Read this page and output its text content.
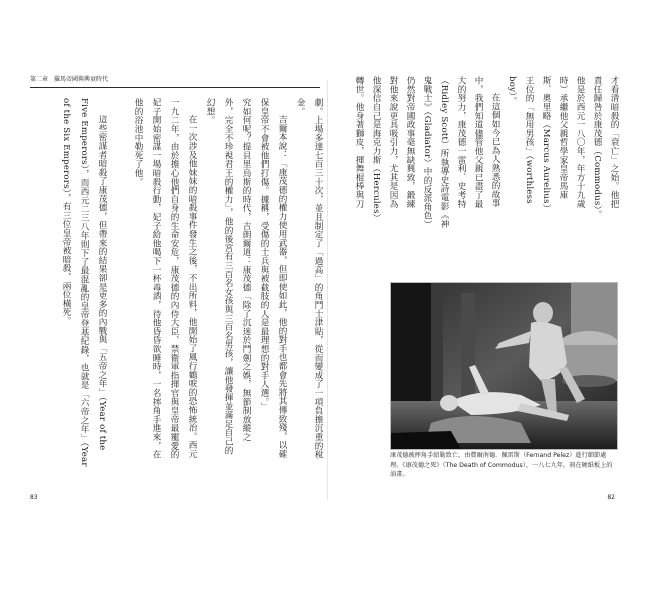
第二章　羅馬帝國與興衰時代
劇。上場多達七百三十次，並且制定了「過高」的角鬥士津貼，從而變成了一項負擔沉重的稅
金。
吉爾本說：「康茂德的權力使用武器，但即使如此，他的對手也都會先將其傳致殘，以確
保皇帝不會被他們打傷。據稱，受傷的士兵與被截肢的人是最理想的對手人選。」
究如何呢？提貝里烏斯的時代，吉朗爾道：康茂德「除了沉迷於鬥劍之娛，無節制放縱之
外，完全不珍視君王的權力」，他的後宮有三百名女孩與三百名男孩，讓他發揮並滿足自己的
幻想。
在一次涉及他妹妹的暗殺事件發生之後，不出所料，他開始了風行鶴唳的恐怖統治。西元
一九二年，由於擔心他們自身的生命安危，康茂德的內侍大臣、禁衛軍指揮官與皇帝最寵愛的
妃子開始密謀一場暗殺行動，妃子給他喝下一杯毒酒，待他昏昏欲睡時，一名摔角手進來，在
他的浴池中勒死了他。
這些密謀者暗殺了康茂德，但帶來的結果卻是更多的內戰與「五帝之年」（Year of the
Five Emperors），而西元二三八年則下了最混亂的皇帝登基紀錄，也就是「六帝之年」（Year
of the Six Emperors），有三位皇帝被暗殺，兩位橫死。
83
才看清暗殺的「衰亡」之始。他把
責任歸咎於康茂德（Commodus）。
他是於西元一八〇年，年方十九歲
時）承繼他父親哲學家皇帝馬庫
斯．奧里略（Marcus Aurelius）
王位的「無用男孩」（worthless
boy）。
在這個如今已為人熟悉的故事
中，我們知道儘管他父親已盡了最
大的努力，康茂德一雷利．史考特
（Ridley Scott）所執導史詩電影《神
鬼戰士》（Gladiator）中的反派角色）
仍然對帝國政事毫無缺興致，鍛練
對他來說更具吸引力，尤其是因為
他深信自己是海克力斯（Hercules）
轉世。他身著獅皮，揮舞棍棒與刀
康茂德被摔角手紹勒致亡，由費爾南德．佩雷斯（Fernand Pelez）進行細節處理。《康茂德之死》（The Death of Commodus），一八七九年，刻在硬紙板上的油畫。
82
